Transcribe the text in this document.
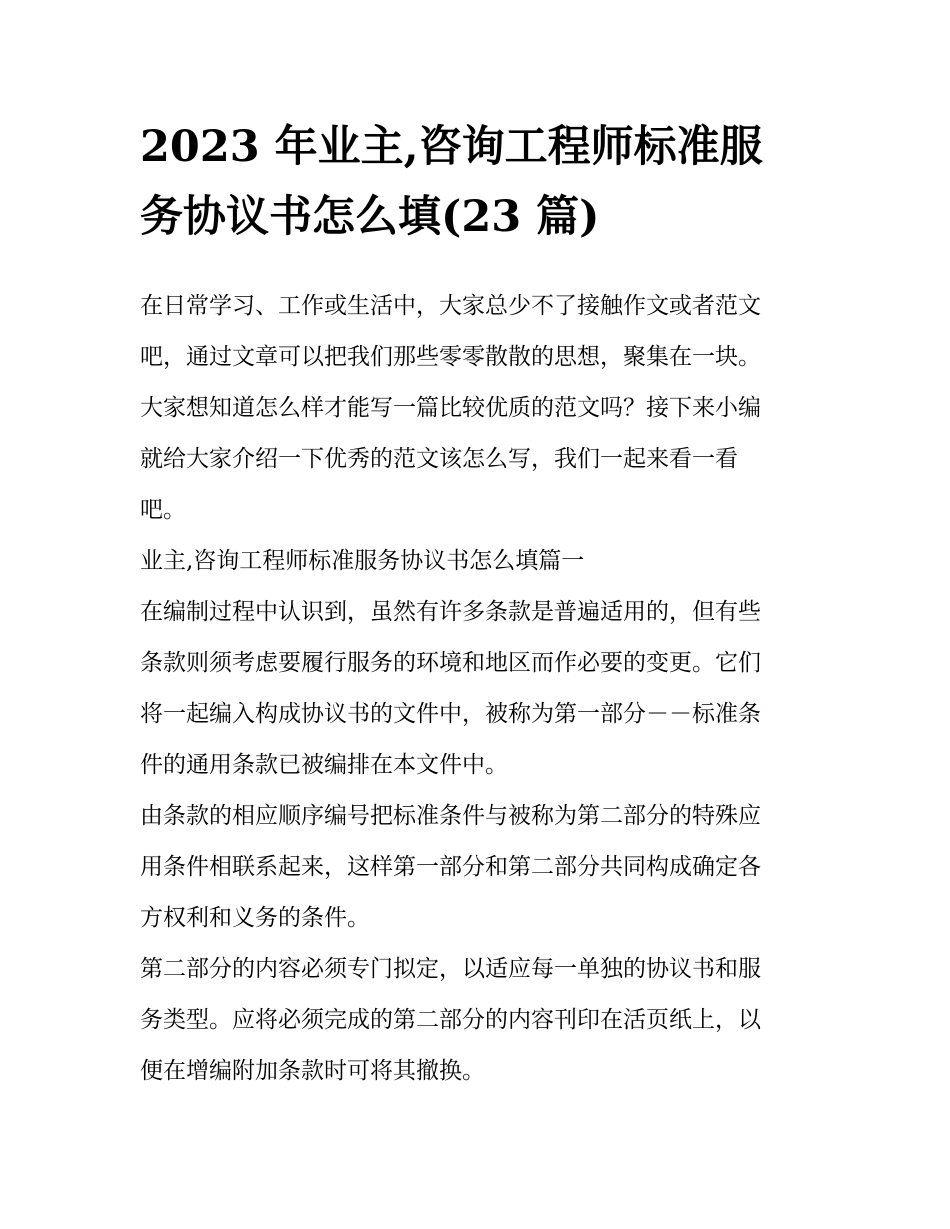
2023 年业主,咨询工程师标准服
务协议书怎么填(23 篇)

在日常学习、工作或生活中，大家总少不了接触作文或者范文
吧，通过文章可以把我们那些零零散散的思想，聚集在一块。
大家想知道怎么样才能写一篇比较优质的范文吗？接下来小编
就给大家介绍一下优秀的范文该怎么写，我们一起来看一看
吧。

业主,咨询工程师标准服务协议书怎么填篇一

在编制过程中认识到，虽然有许多条款是普遍适用的，但有些
条款则须考虑要履行服务的环境和地区而作必要的变更。它们
将一起编入构成协议书的文件中，被称为第一部分－－标准条
件的通用条款已被编排在本文件中。

由条款的相应顺序编号把标准条件与被称为第二部分的特殊应
用条件相联系起来，这样第一部分和第二部分共同构成确定各
方权利和义务的条件。

第二部分的内容必须专门拟定，以适应每一单独的协议书和服
务类型。应将必须完成的第二部分的内容刊印在活页纸上，以
便在增编附加条款时可将其撤换。
